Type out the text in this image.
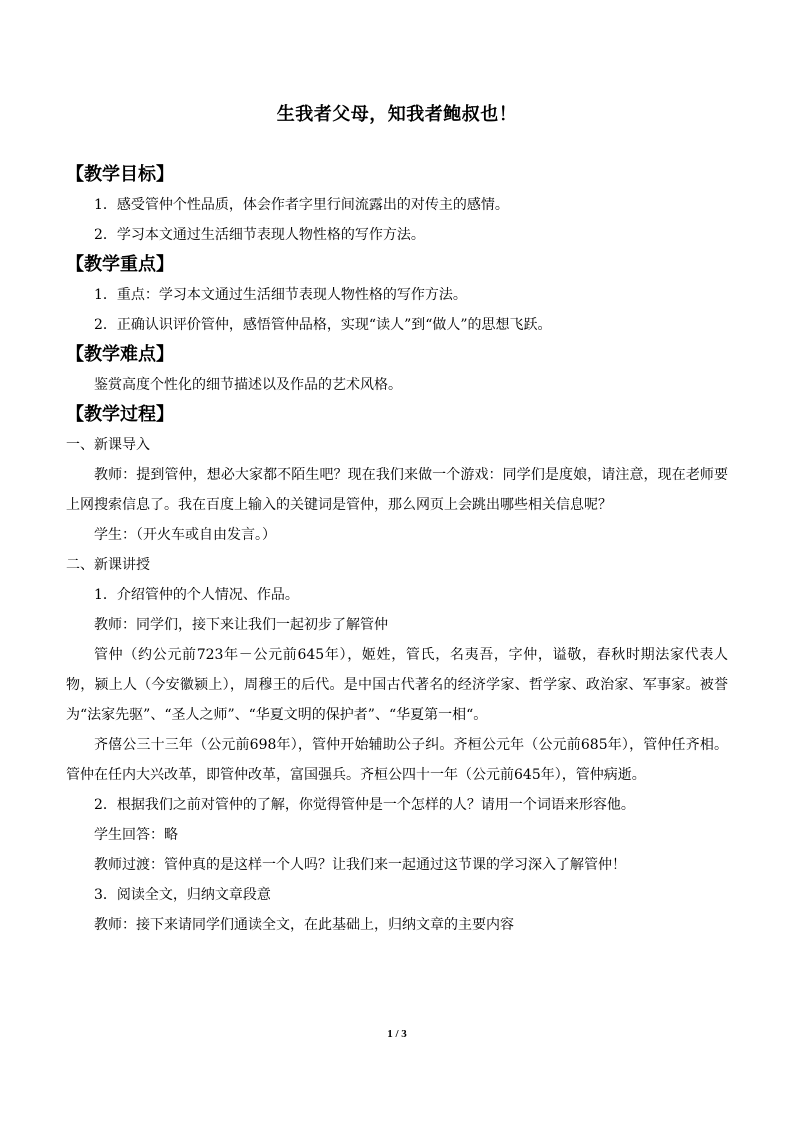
生我者父母，知我者鲍叔也！
【教学目标】
1．感受管仲个性品质，体会作者字里行间流露出的对传主的感情。
2．学习本文通过生活细节表现人物性格的写作方法。
【教学重点】
1．重点：学习本文通过生活细节表现人物性格的写作方法。
2．正确认识评价管仲，感悟管仲品格，实现“读人”到“做人”的思想飞跃。
【教学难点】
鉴赏高度个性化的细节描述以及作品的艺术风格。
【教学过程】
一、新课导入
教师：提到管仲，想必大家都不陌生吧？现在我们来做一个游戏：同学们是度娘，请注意，现在老师要上网搜索信息了。我在百度上输入的关键词是管仲，那么网页上会跳出哪些相关信息呢？
学生：（开火车或自由发言。）
二、新课讲授
1．介绍管仲的个人情况、作品。
教师：同学们，接下来让我们一起初步了解管仲
管仲（约公元前723年－公元前645年），姬姓，管氏，名夷吾，字仲，谥敬，春秋时期法家代表人物，颍上人（今安徽颍上），周穆王的后代。是中国古代著名的经济学家、哲学家、政治家、军事家。被誉为“法家先驱”、“圣人之师”、“华夏文明的保护者”、“华夏第一相“。
齐僖公三十三年（公元前698年），管仲开始辅助公子纠。齐桓公元年（公元前685年），管仲任齐相。管仲在任内大兴改革，即管仲改革，富国强兵。齐桓公四十一年（公元前645年），管仲病逝。
2．根据我们之前对管仲的了解，你觉得管仲是一个怎样的人？请用一个词语来形容他。
学生回答：略
教师过渡：管仲真的是这样一个人吗？让我们来一起通过这节课的学习深入了解管仲！
3．阅读全文，归纳文章段意
教师：接下来请同学们通读全文，在此基础上，归纳文章的主要内容
1 / 3
